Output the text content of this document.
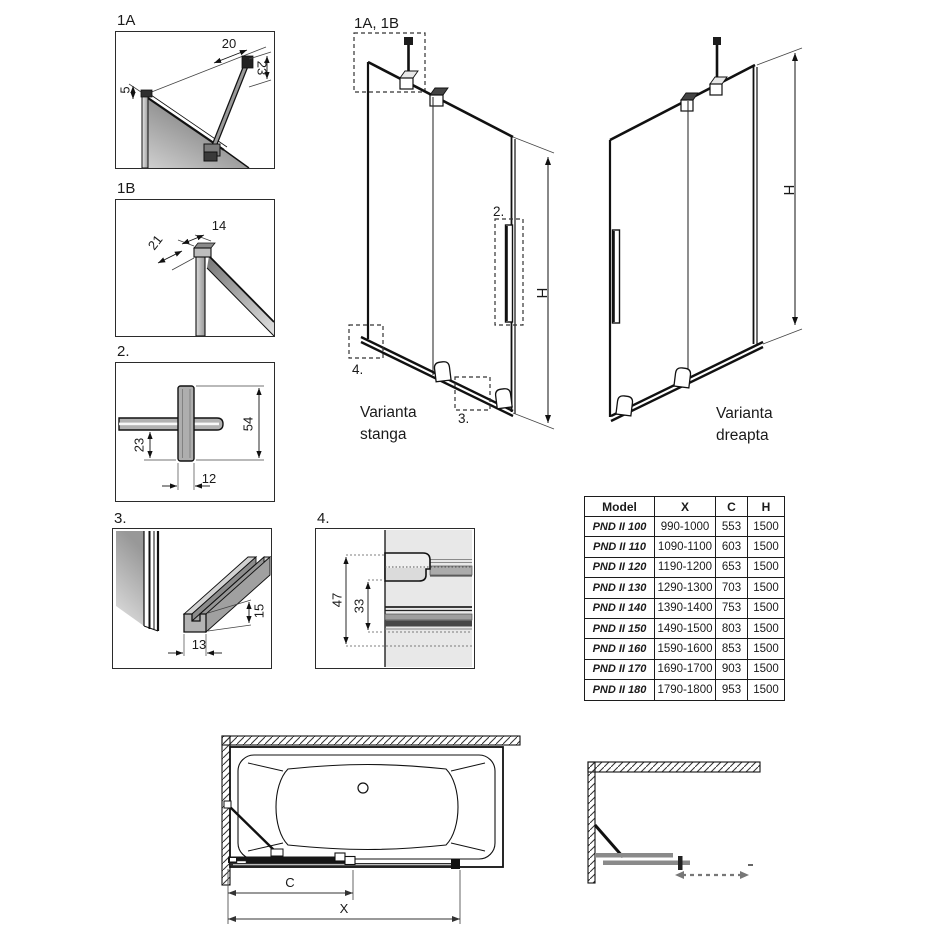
1A
20
23
5
1B
14
21
2.
54
23
12
3.
13
15
4.
47 33
1A, 1B
2.
4.
3.
H
Varianta
stanga
H
Varianta
dreapta
Model	X	C	H
PND II 100	990-1000	553	1500
PND II 110	1090-1100	603	1500
PND II 120	1190-1200	653	1500
PND II 130	1290-1300	703	1500
PND II 140	1390-1400	753	1500
PND II 150	1490-1500	803	1500
PND II 160	1590-1600	853	1500
PND II 170	1690-1700	903	1500
PND II 180	1790-1800	953	1500
C
X
